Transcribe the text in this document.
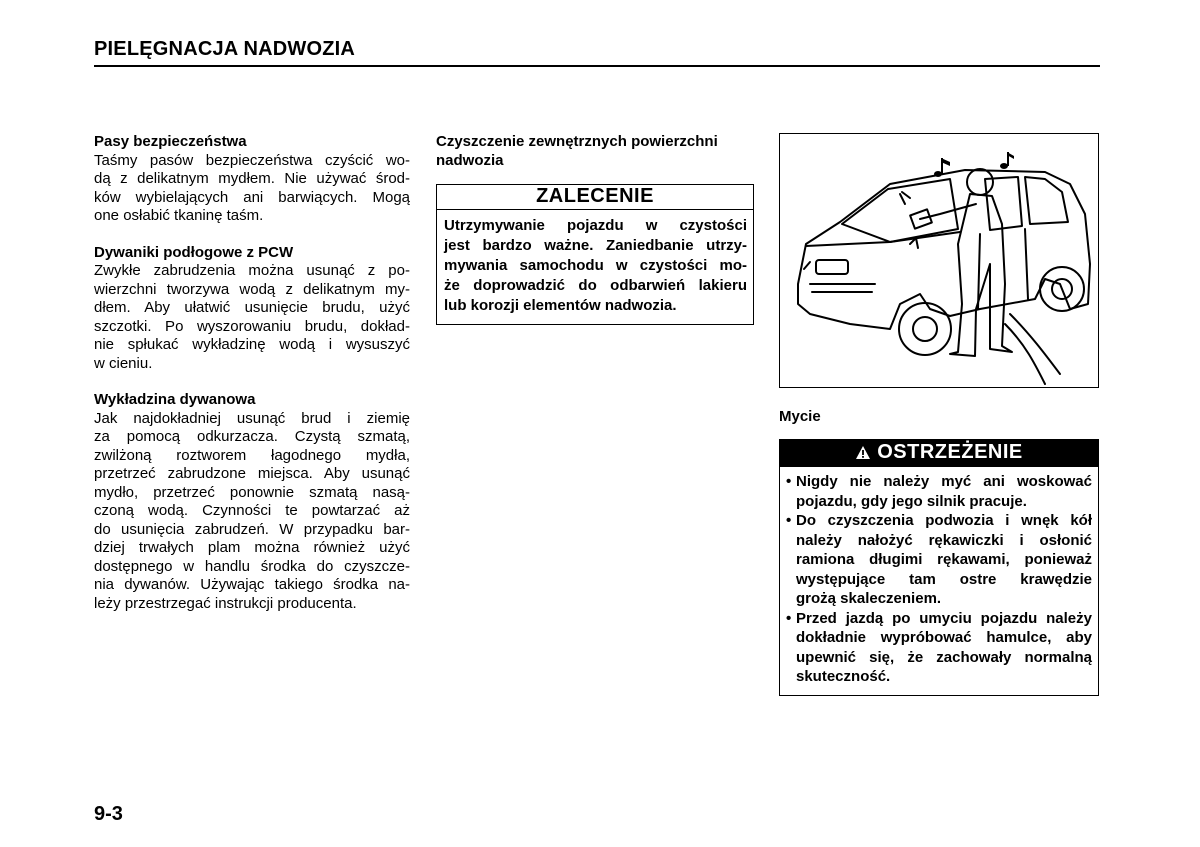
PIELĘGNACJA NADWOZIA
Pasy bezpieczeństwa
Taśmy pasów bezpieczeństwa czyścić wo-
dą z delikatnym mydłem. Nie używać środ-
ków wybielających ani barwiących. Mogą
one osłabić tkaninę taśm.
Dywaniki podłogowe z PCW
Zwykłe zabrudzenia można usunąć z po-
wierzchni tworzywa wodą z delikatnym my-
dłem. Aby ułatwić usunięcie brudu, użyć
szczotki. Po wyszorowaniu brudu, dokład-
nie spłukać wykładzinę wodą i wysuszyć
w cieniu.
Wykładzina dywanowa
Jak najdokładniej usunąć brud i ziemię
za pomocą odkurzacza. Czystą szmatą,
zwilżoną roztworem łagodnego mydła,
przetrzeć zabrudzone miejsca. Aby usunąć
mydło, przetrzeć ponownie szmatą nasą-
czoną wodą. Czynności te powtarzać aż
do usunięcia zabrudzeń. W przypadku bar-
dziej trwałych plam można również użyć
dostępnego w handlu środka do czyszcze-
nia dywanów. Używając takiego środka na-
leży przestrzegać instrukcji producenta.
Czyszczenie zewnętrznych powierzchni
nadwozia
ZALECENIE
Utrzymywanie pojazdu w czystości
jest bardzo ważne. Zaniedbanie utrzy-
mywania samochodu w czystości mo-
że doprowadzić do odbarwień lakieru
lub korozji elementów nadwozia.
Mycie
OSTRZEŻENIE
• Nigdy nie należy myć ani woskować
pojazdu, gdy jego silnik pracuje.
• Do czyszczenia podwozia i wnęk kół
należy nałożyć rękawiczki i osłonić
ramiona długimi rękawami, ponieważ
występujące tam ostre krawędzie
grożą skaleczeniem.
• Przed jazdą po umyciu pojazdu należy
dokładnie wypróbować hamulce, aby
upewnić się, że zachowały normalną
skuteczność.
9-3
